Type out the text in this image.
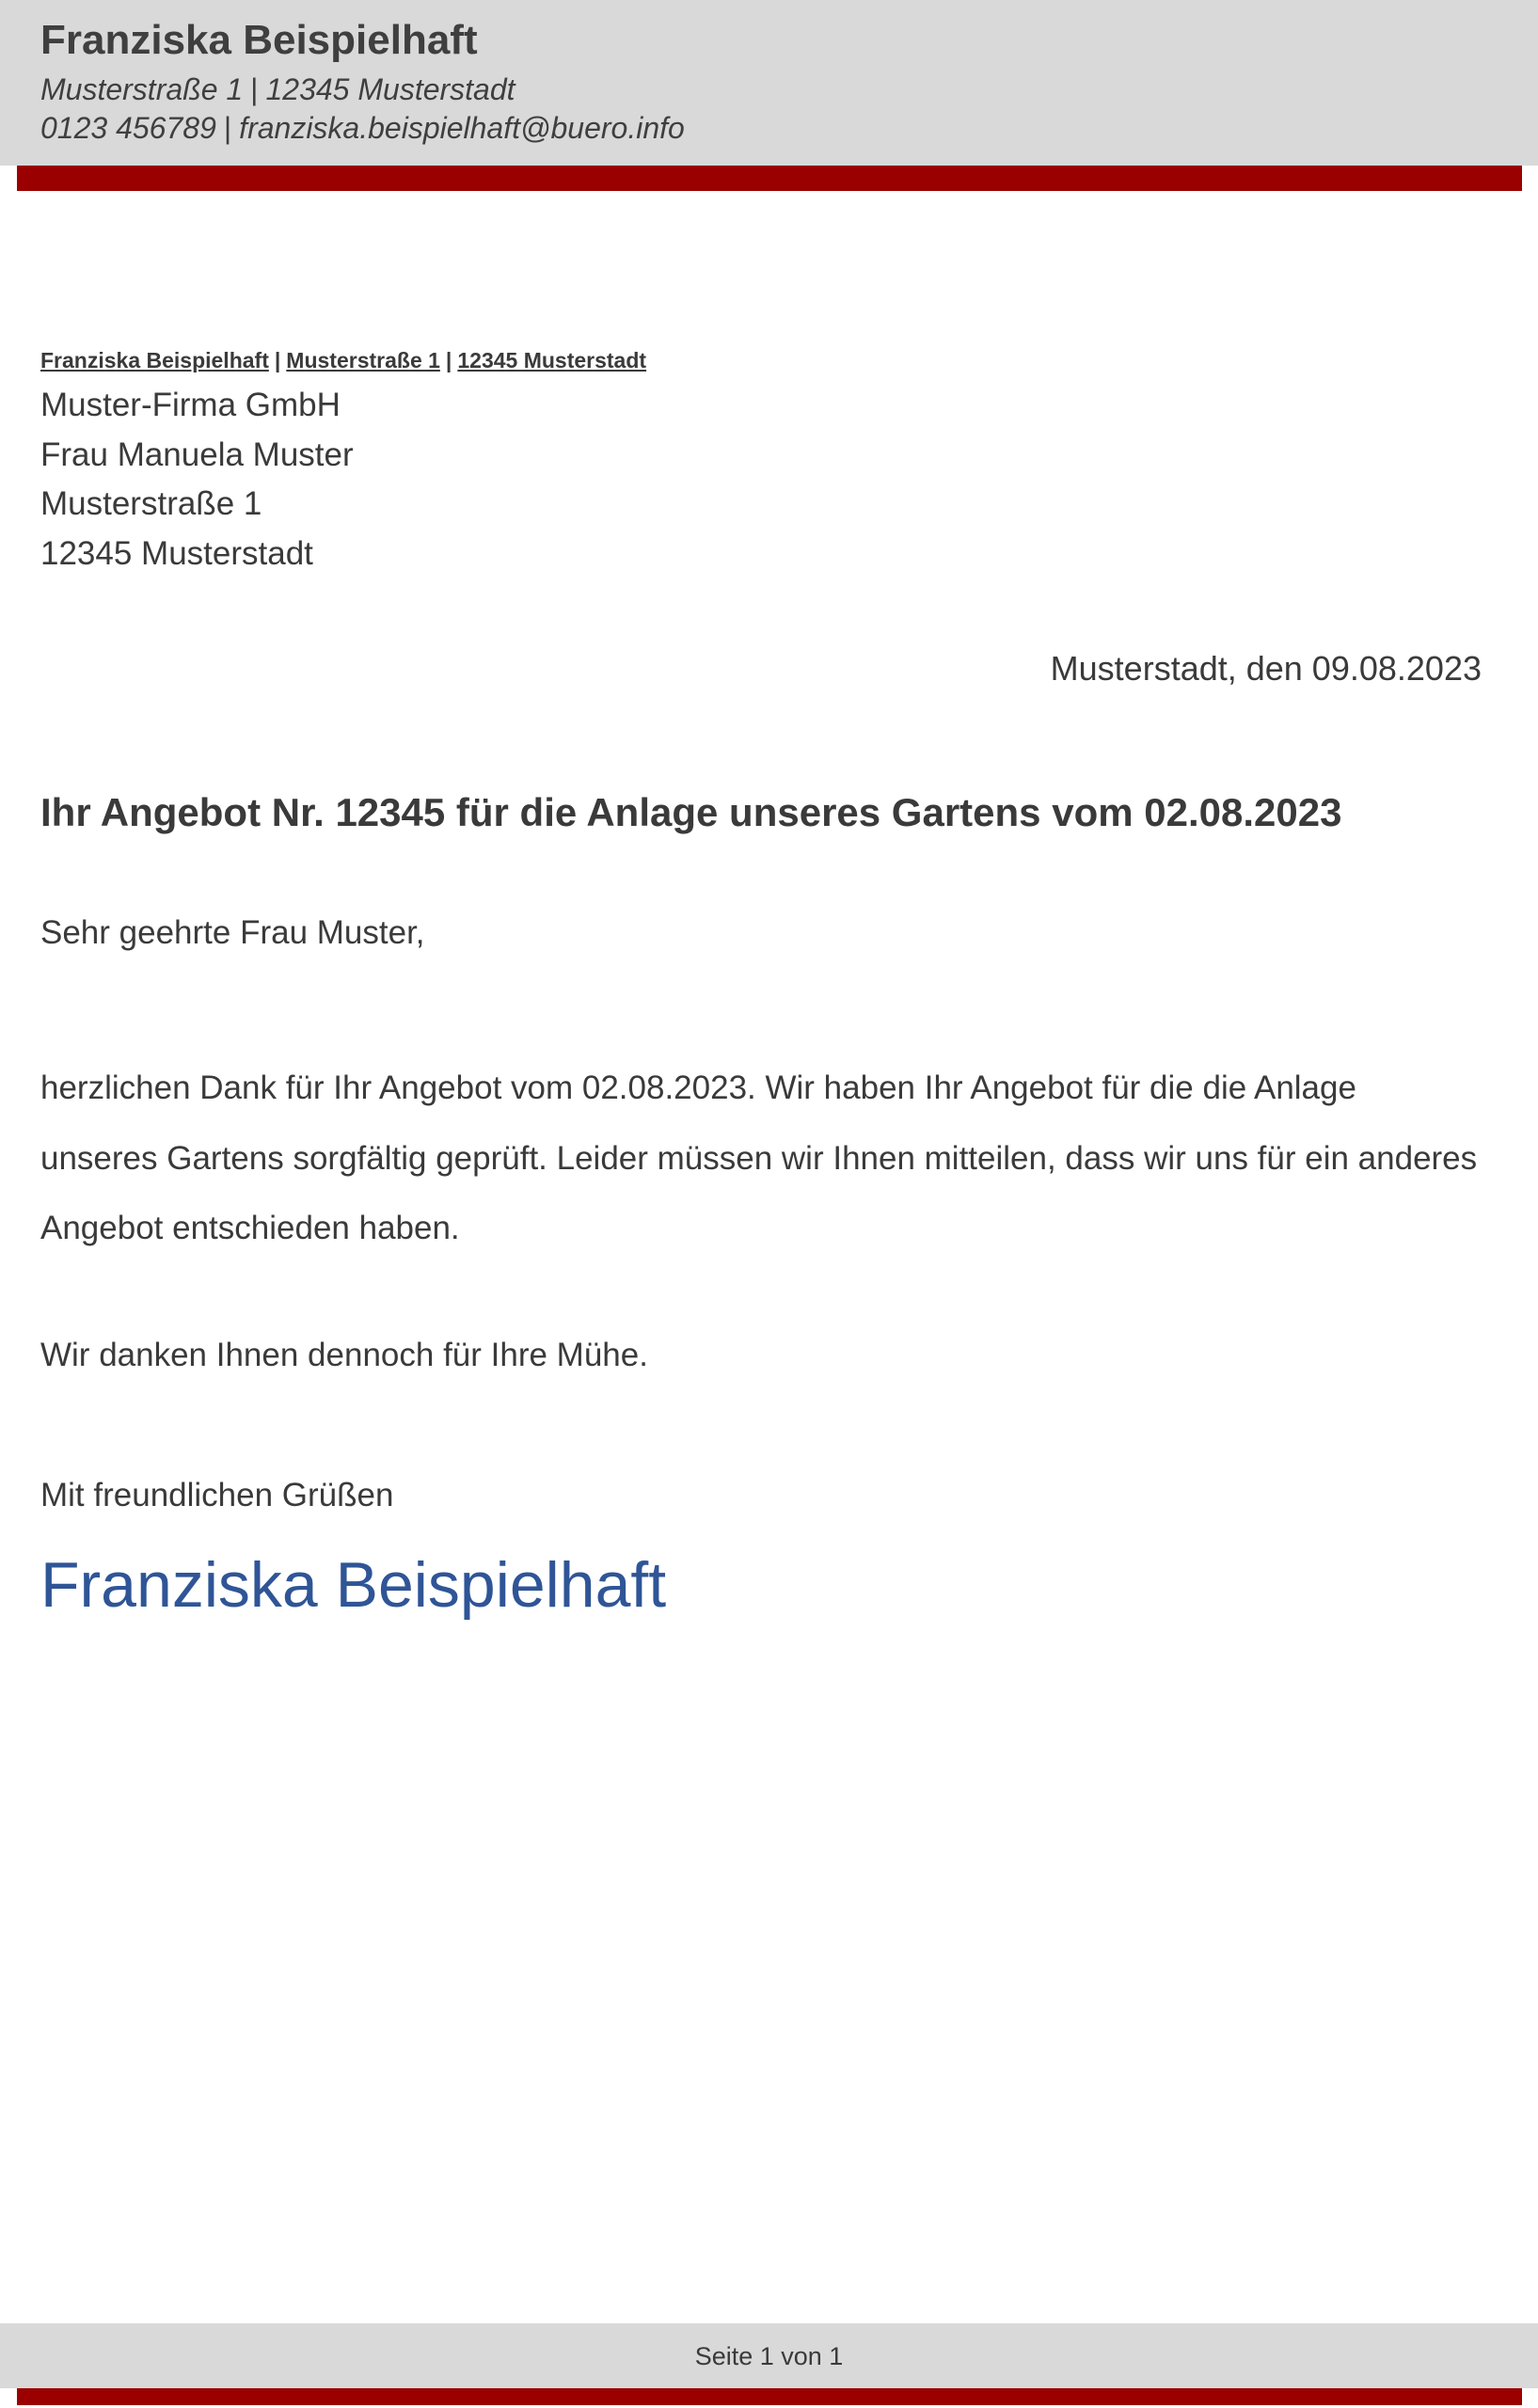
Franziska Beispielhaft
Musterstraße 1 | 12345 Musterstadt
0123 456789 | franziska.beispielhaft@buero.info
Franziska Beispielhaft | Musterstraße 1 | 12345 Musterstadt
Muster-Firma GmbH
Frau Manuela Muster
Musterstraße 1
12345 Musterstadt
Musterstadt, den 09.08.2023
Ihr Angebot Nr. 12345 für die Anlage unseres Gartens vom 02.08.2023
Sehr geehrte Frau Muster,
herzlichen Dank für Ihr Angebot vom 02.08.2023. Wir haben Ihr Angebot für die die Anlage unseres Gartens sorgfältig geprüft. Leider müssen wir Ihnen mitteilen, dass wir uns für ein anderes Angebot entschieden haben.
Wir danken Ihnen dennoch für Ihre Mühe.
Mit freundlichen Grüßen
Franziska Beispielhaft
Seite 1 von 1
